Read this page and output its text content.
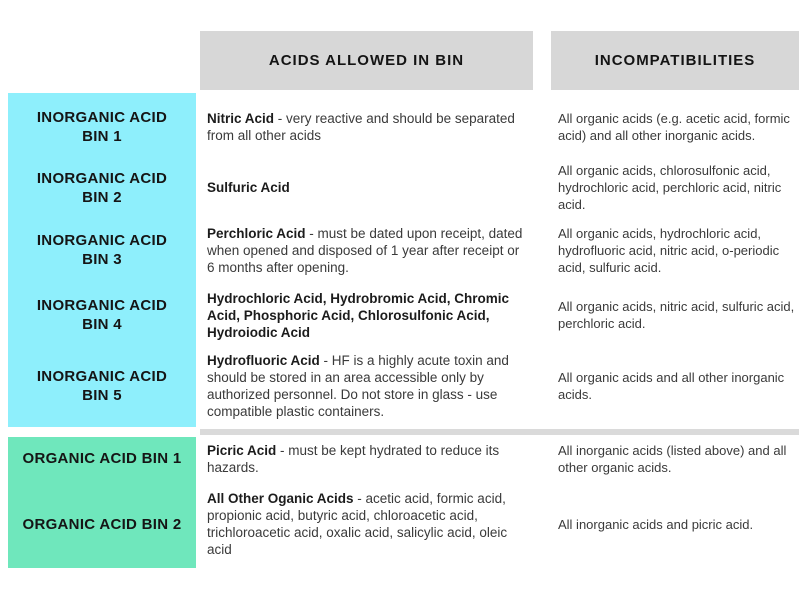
ACIDS ALLOWED IN BIN	INCOMPATIBILITIES
INORGANIC ACID
BIN 1

Nitric Acid - very reactive and should be separated from all other acids

All organic acids (e.g. acetic acid, formic acid) and all other inorganic acids.

INORGANIC ACID
BIN 2

Sulfuric Acid

All organic acids, chlorosulfonic acid, hydrochloric acid, perchloric acid, nitric acid.

INORGANIC ACID
BIN 3

Perchloric Acid - must be dated upon receipt, dated when opened and disposed of 1 year after receipt or 6 months after opening.

All organic acids, hydrochloric acid, hydrofluoric acid, nitric acid, o-periodic acid, sulfuric acid.

INORGANIC ACID
BIN 4

Hydrochloric Acid, Hydrobromic Acid, Chromic Acid, Phosphoric Acid, Chlorosulfonic Acid, Hydroiodic Acid

All organic acids, nitric acid, sulfuric acid, perchloric acid.

INORGANIC ACID
BIN 5

Hydrofluoric Acid - HF is a highly acute toxin and should be stored in an area accessible only by authorized personnel. Do not store in glass - use compatible plastic containers.

All organic acids and all other inorganic acids.

ORGANIC ACID BIN 1 Picric Acid - must be kept hydrated to reduce its hazards.

All inorganic acids (listed above) and all other organic acids.

ORGANIC ACID BIN 2

All Other Oganic Acids - acetic acid, formic acid, propionic acid, butyric acid, chloroacetic acid, trichloroacetic acid, oxalic acid, salicylic acid, oleic acid

All inorganic acids and picric acid.
